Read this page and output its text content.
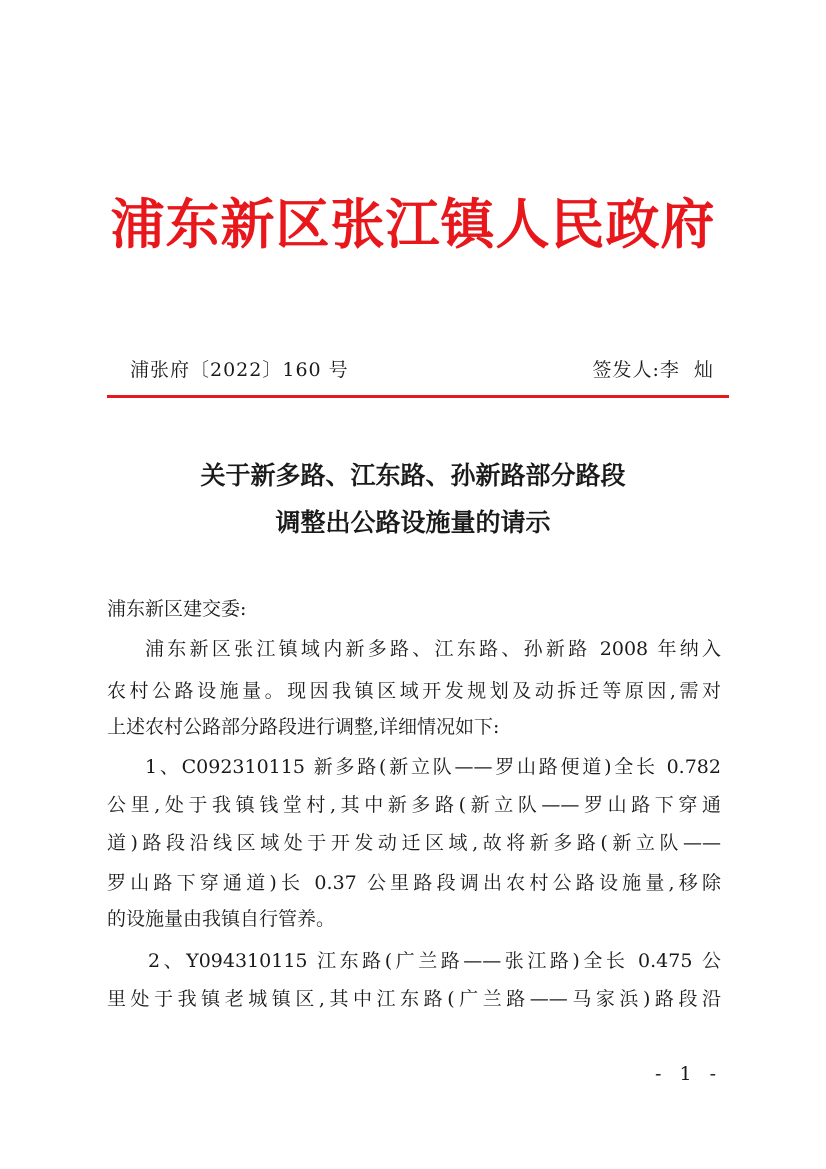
浦东新区张江镇人民政府
浦张府〔2022〕160 号	签发人:李  灿
关于新多路、江东路、孙新路部分路段
调整出公路设施量的请示
浦东新区建交委:
浦东新区张江镇域内新多路、江东路、孙新路 2008 年纳入
农村公路设施量。现因我镇区域开发规划及动拆迁等原因,需对
上述农村公路部分路段进行调整,详细情况如下:
1、C092310115 新多路(新立队——罗山路便道)全长 0.782
公里,处于我镇钱堂村,其中新多路(新立队——罗山路下穿通
道)路段沿线区域处于开发动迁区域,故将新多路(新立队——
罗山路下穿通道)长 0.37 公里路段调出农村公路设施量,移除
的设施量由我镇自行管养。
2、Y094310115 江东路(广兰路——张江路)全长 0.475 公
里处于我镇老城镇区,其中江东路(广兰路——马家浜)路段沿
- 1 -
